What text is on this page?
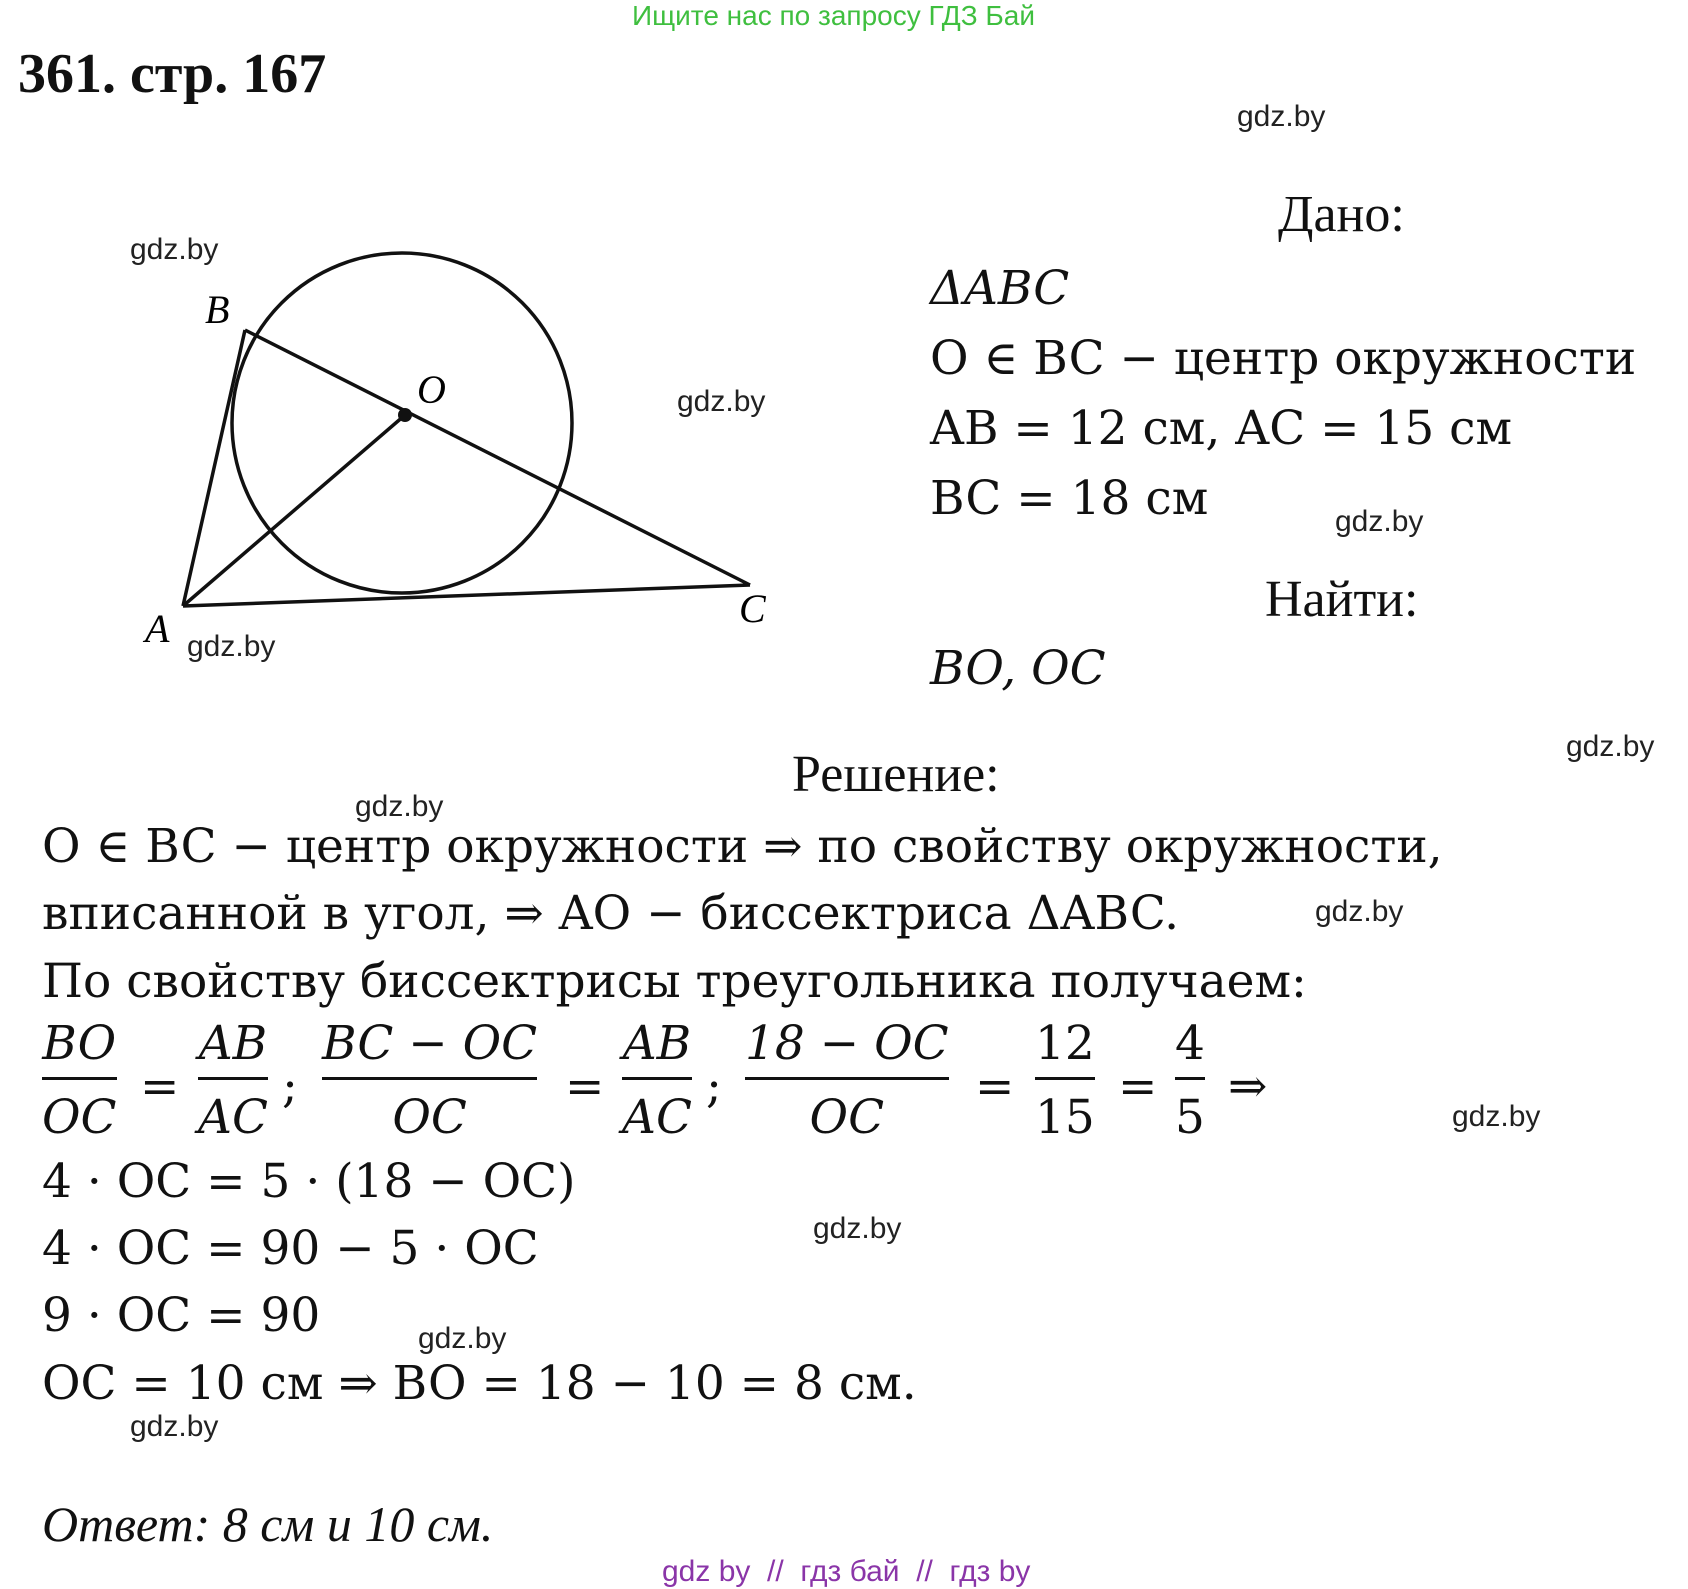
Ищите нас по запросу ГДЗ Бай
361. стр. 167
gdz.by
gdz.by
gdz.by
gdz.by
gdz.by
gdz.by
gdz.by
gdz.by
gdz.by
gdz.by
gdz.by
gdz.by
B
O
A	C
Дано:
ΔABC
O ∈ BC − центр окружности
AB = 12 см, AC = 15 см
BC = 18 см
Найти:
BO, OC
Решение:
O ∈ BC − центр окружности ⇒ по свойству окружности,
вписанной в угол, ⇒ AO − биссектриса ΔABC.
По свойству биссектрисы треугольника получаем:
BO
OC
=
AB
AC
;
BC − OC
OC
=
AB
AC
;
18 − OC
OC
=
12
15
=
4
5
⇒
4 · OC = 5 · (18 − OC)
4 · OC = 90 − 5 · OC
9 · OC = 90
OC = 10 см ⇒ BO = 18 − 10 = 8 см.
Ответ: 8 см и 10 см.
gdz by  //  гдз бай  //  гдз by
